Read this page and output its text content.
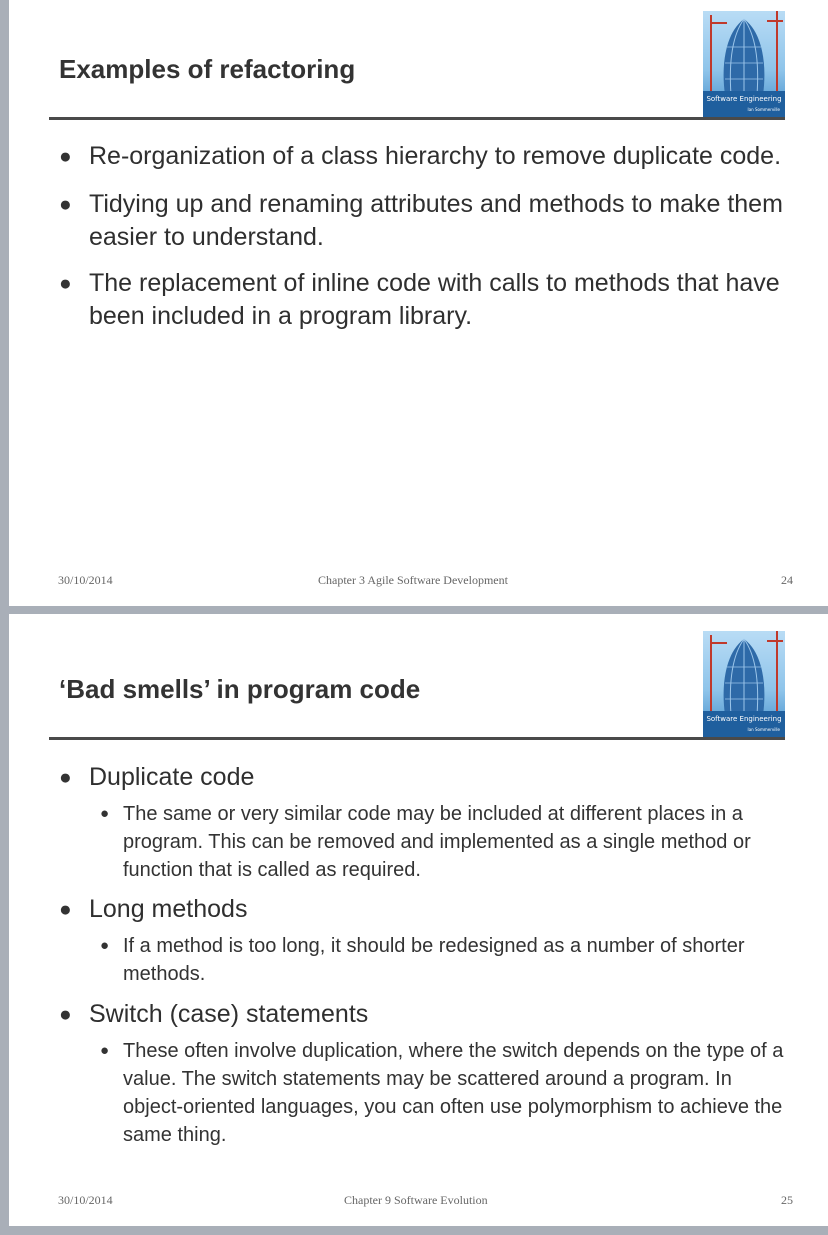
Examples of refactoring
Software Engineering
Ian Sommerville
● Re-organization of a class hierarchy to remove duplicate code.
● Tidying up and renaming attributes and methods to make them easier to understand.
● The replacement of inline code with calls to methods that have been included in a program library.
30/10/2014	Chapter 3 Agile Software Development	24
‘Bad smells’ in program code
Software Engineering
Ian Sommerville
● Duplicate code
● The same or very similar code may be included at different places in a program. This can be removed and implemented as a single method or function that is called as required.
● Long methods
● If a method is too long, it should be redesigned as a number of shorter methods.
● Switch (case) statements
● These often involve duplication, where the switch depends on the type of a value. The switch statements may be scattered around a program. In object-oriented languages, you can often use polymorphism to achieve the same thing.
30/10/2014	Chapter 9 Software Evolution	25
